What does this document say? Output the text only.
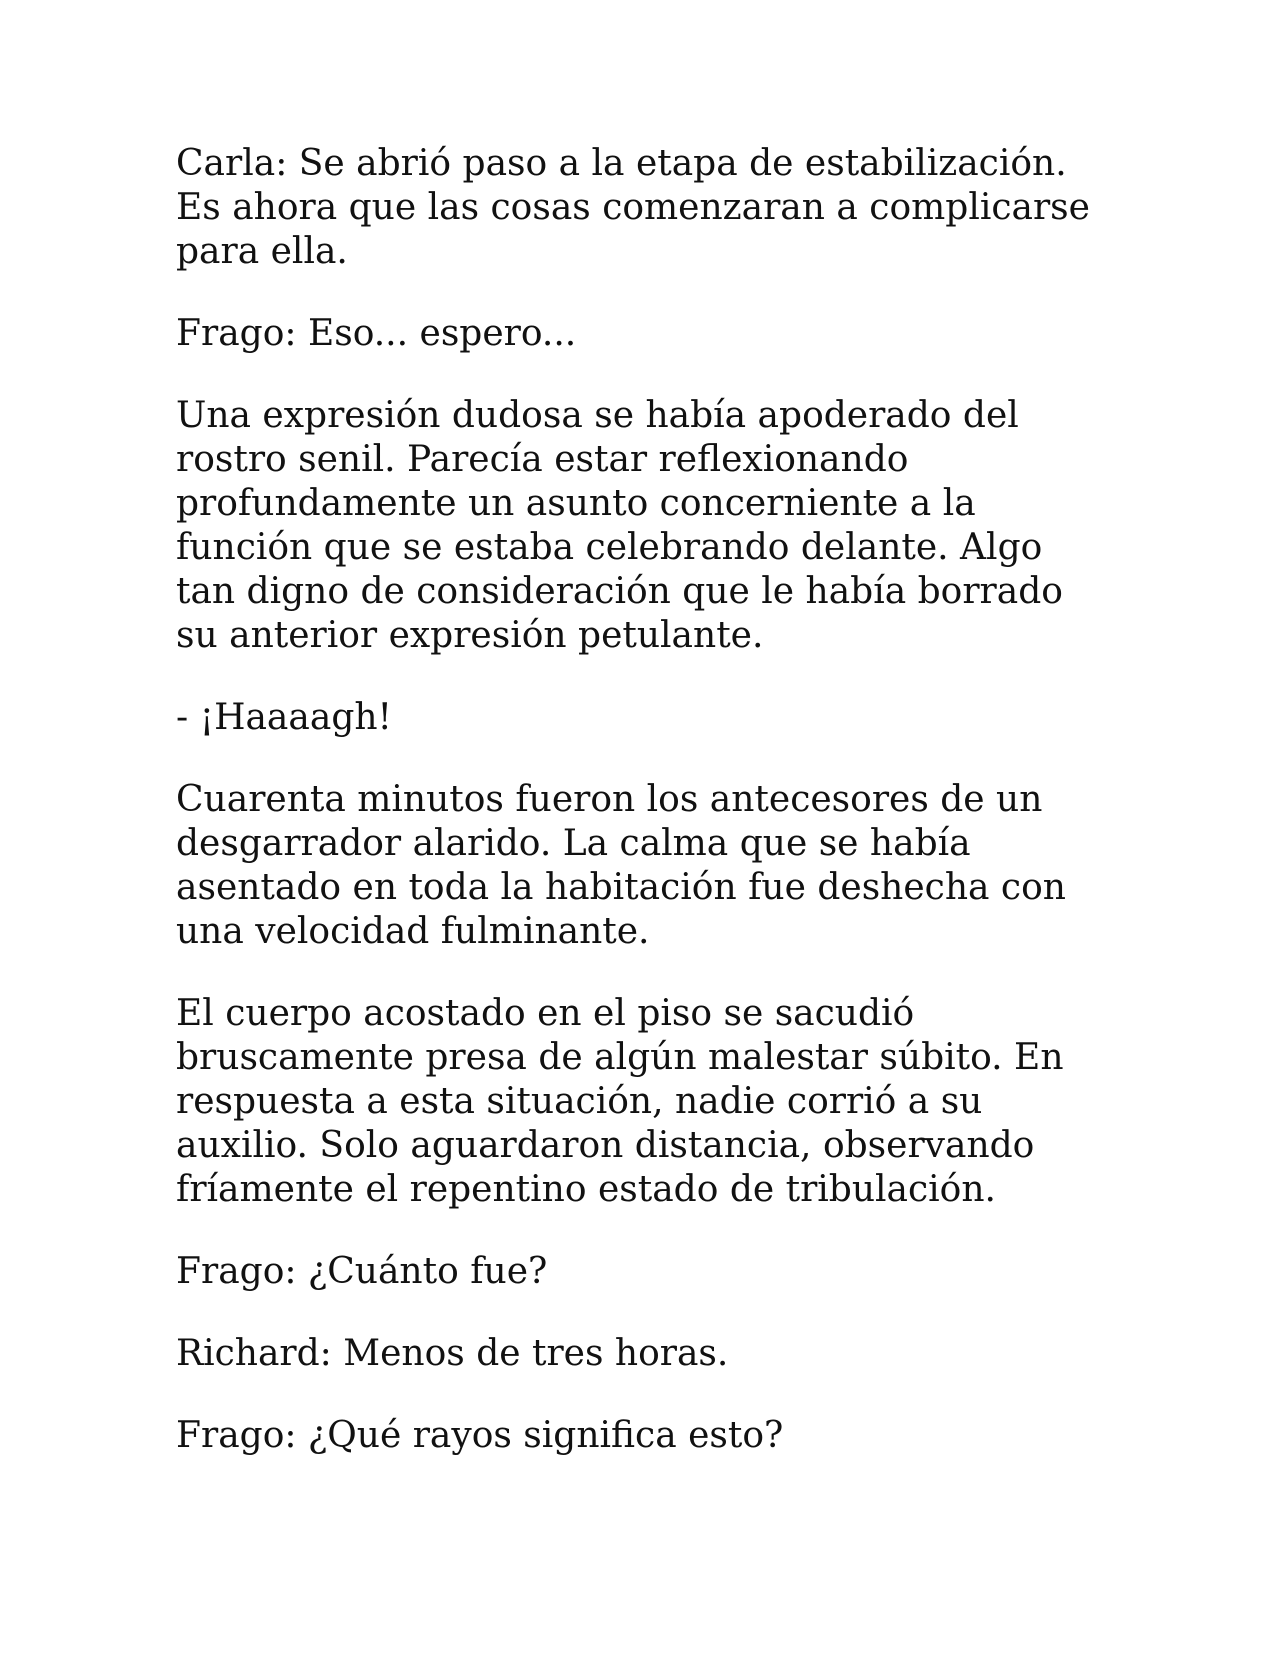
Carla: Se abrió paso a la etapa de estabilización.
Es ahora que las cosas comenzaran a complicarse
para ella.

Frago: Eso... espero...

Una expresión dudosa se había apoderado del
rostro senil. Parecía estar reflexionando
profundamente un asunto concerniente a la
función que se estaba celebrando delante. Algo
tan digno de consideración que le había borrado
su anterior expresión petulante.

- ¡Haaaagh!

Cuarenta minutos fueron los antecesores de un
desgarrador alarido. La calma que se había
asentado en toda la habitación fue deshecha con
una velocidad fulminante.

El cuerpo acostado en el piso se sacudió
bruscamente presa de algún malestar súbito. En
respuesta a esta situación, nadie corrió a su
auxilio. Solo aguardaron distancia, observando
fríamente el repentino estado de tribulación.

Frago: ¿Cuánto fue?

Richard: Menos de tres horas.

Frago: ¿Qué rayos significa esto?
